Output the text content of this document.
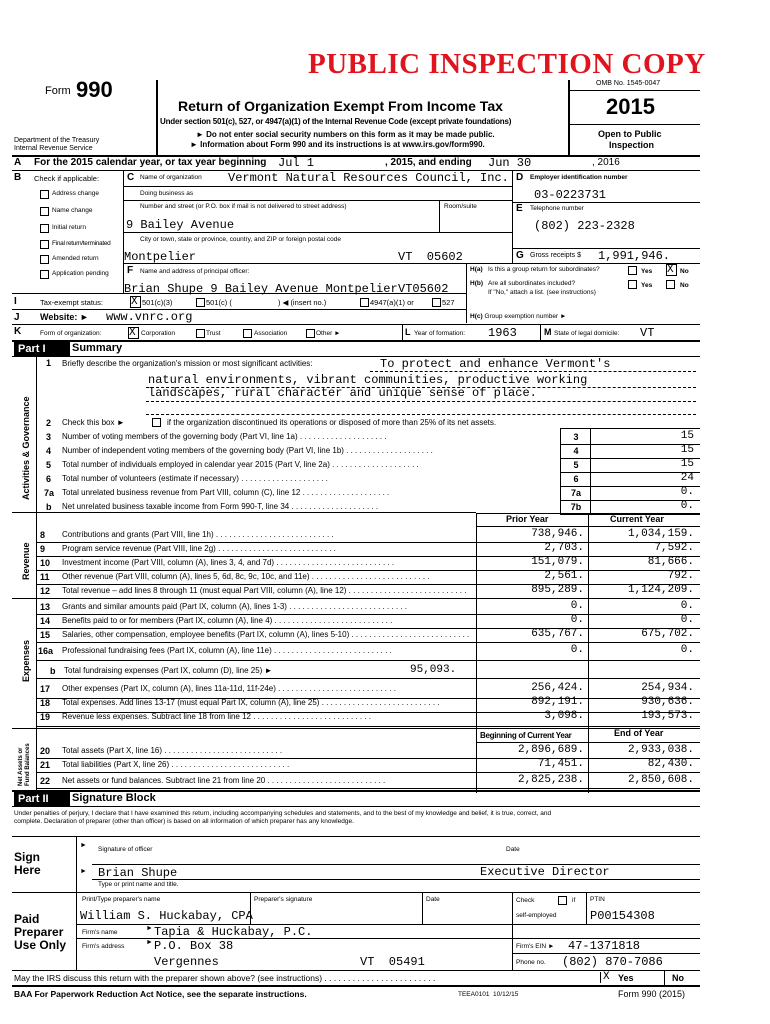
PUBLIC INSPECTION COPY
Form 990
Return of Organization Exempt From Income Tax
Under section 501(c), 527, or 4947(a)(1) of the Internal Revenue Code (except private foundations)
► Do not enter social security numbers on this form as it may be made public.
► Information about Form 990 and its instructions is at www.irs.gov/form990.
Department of the Treasury
Internal Revenue Service
OMB No. 1545-0047
2015
Open to Public
Inspection
A For the 2015 calendar year, or tax year beginning Jul 1	, 2015, and ending Jun 30	, 2016
B Check if applicable:
Address change
Name change
Initial return
Final return/terminated
Amended return
Application pending
C Name of organization Vermont Natural Resources Council, Inc.
Doing business as
Number and street (or P.O. box if mail is not delivered to street address)	Room/suite
9 Bailey Avenue
City or town, state or province, country, and ZIP or foreign postal code
Montpelier	VT  05602
D Employer identification number
03-0223731
E Telephone number
(802) 223-2328
G Gross receipts $ 1,991,946.
F Name and address of principal officer:
Brian Shupe 9 Bailey Avenue Montpelier VT05602
H(a) Is this a group return for subordinates?	Yes X No
H(b) Are all subordinates included?
If "No," attach a list. (see instructions)
Yes	No
I	Tax-exempt status:	X 501(c)(3)	501(c) (	) ◀ (insert no.)	4947(a)(1) or	527
J Website: ► www.vnrc.org	H(c) Group exemption number ►
K	Form of organization:	X Corporation	Trust	Association	Other ►	L Year of formation: 1963	M State of legal domicile: VT
Part I	Summary
Activities & Governance
Revenue
Expenses
Net Assets or Fund Balances
1 Briefly describe the organization's mission or most significant activities:	To protect and enhance Vermont's
natural environments, vibrant communities, productive working
landscapes, rural character and unique sense of place.
2 Check this box ►	if the organization discontinued its operations or disposed of more than 25% of its net assets.
3 Number of voting members of the governing body (Part VI, line 1a) . . . . . . . . . . . . . . . . . . . .	3	15
4 Number of independent voting members of the governing body (Part VI, line 1b) . . . . . . . . . . . . . . . . . . . .	4	15
5 Total number of individuals employed in calendar year 2015 (Part V, line 2a) . . . . . . . . . . . . . . . . . . . .	5	15
6 Total number of volunteers (estimate if necessary) . . . . . . . . . . . . . . . . . . . .	6	24
7a Total unrelated business revenue from Part VIII, column (C), line 12 . . . . . . . . . . . . . . . . . . . .	7a	0.
b Net unrelated business taxable income from Form 990-T, line 34 . . . . . . . . . . . . . . . . . . . .	7b	0.
Prior Year	Current Year
8 Contributions and grants (Part VIII, line 1h) . . . . . . . . . . . . . . . . . . . . . . . . . . .	738,946.	1,034,159.
9 Program service revenue (Part VIII, line 2g) . . . . . . . . . . . . . . . . . . . . . . . . . . .	2,703.	7,592.
10 Investment income (Part VIII, column (A), lines 3, 4, and 7d) . . . . . . . . . . . . . . . . . . . . . . . . . . .	151,079.	81,666.
11 Other revenue (Part VIII, column (A), lines 5, 6d, 8c, 9c, 10c, and 11e) . . . . . . . . . . . . . . . . . . . . . . . . . . .	2,561.	792.
12 Total revenue – add lines 8 through 11 (must equal Part VIII, column (A), line 12) . . . . . . . . . . . . . . . . . . . . . . . . . . .	895,289.	1,124,209.
13 Grants and similar amounts paid (Part IX, column (A), lines 1-3) . . . . . . . . . . . . . . . . . . . . . . . . . . .	0.	0.
14 Benefits paid to or for members (Part IX, column (A), line 4) . . . . . . . . . . . . . . . . . . . . . . . . . . .	0.	0.
15 Salaries, other compensation, employee benefits (Part IX, column (A), lines 5-10) . . . . . . . . . . . . . . . . . . . . . . . . . . .	635,767.	675,702.
16a Professional fundraising fees (Part IX, column (A), line 11e) . . . . . . . . . . . . . . . . . . . . . . . . . . .	0.	0.
17 Other expenses (Part IX, column (A), lines 11a-11d, 11f-24e) . . . . . . . . . . . . . . . . . . . . . . . . . . .	256,424.	254,934.
18 Total expenses. Add lines 13-17 (must equal Part IX, column (A), line 25) . . . . . . . . . . . . . . . . . . . . . . . . . . .	892,191.	930,636.
19 Revenue less expenses. Subtract line 18 from line 12 . . . . . . . . . . . . . . . . . . . . . . . . . . .	3,098.	193,573.
20 Total assets (Part X, line 16) . . . . . . . . . . . . . . . . . . . . . . . . . . .	2,896,689.	2,933,038.
21 Total liabilities (Part X, line 26) . . . . . . . . . . . . . . . . . . . . . . . . . . .	71,451.	82,430.
22 Net assets or fund balances. Subtract line 21 from line 20 . . . . . . . . . . . . . . . . . . . . . . . . . . .	2,825,238.	2,850,608.
b Total fundraising expenses (Part IX, column (D), line 25) ►	95,093.
Beginning of Current Year	End of Year
Part II	Signature Block
Under penalties of perjury, I declare that I have examined this return, including accompanying schedules and statements, and to the best of my knowledge and belief, it is true, correct, and
complete. Declaration of preparer (other than officer) is based on all information of which preparer has any knowledge.
Sign
Here
►
►
Signature of officer	Date
Brian Shupe	Executive Director
Type or print name and title.
Paid
Preparer
Use Only
Print/Type preparer's name	Preparer's signature	Date	Check	if
self-employed
PTIN
P00154308
William S. Huckabay, CPA
Firm's name
► Tapia & Huckabay, P.C.
Firm's address
► P.O. Box 38
Vergennes	VT  05491
Firm's EIN ► 47-1371818
Phone no. (802) 870-7086
May the IRS discuss this return with the preparer shown above? (see instructions) . . . . . . . . . . . . . . . . . . . . . . . .	X Yes	No
BAA For Paperwork Reduction Act Notice, see the separate instructions.	TEEA0101  10/12/15	Form 990 (2015)
